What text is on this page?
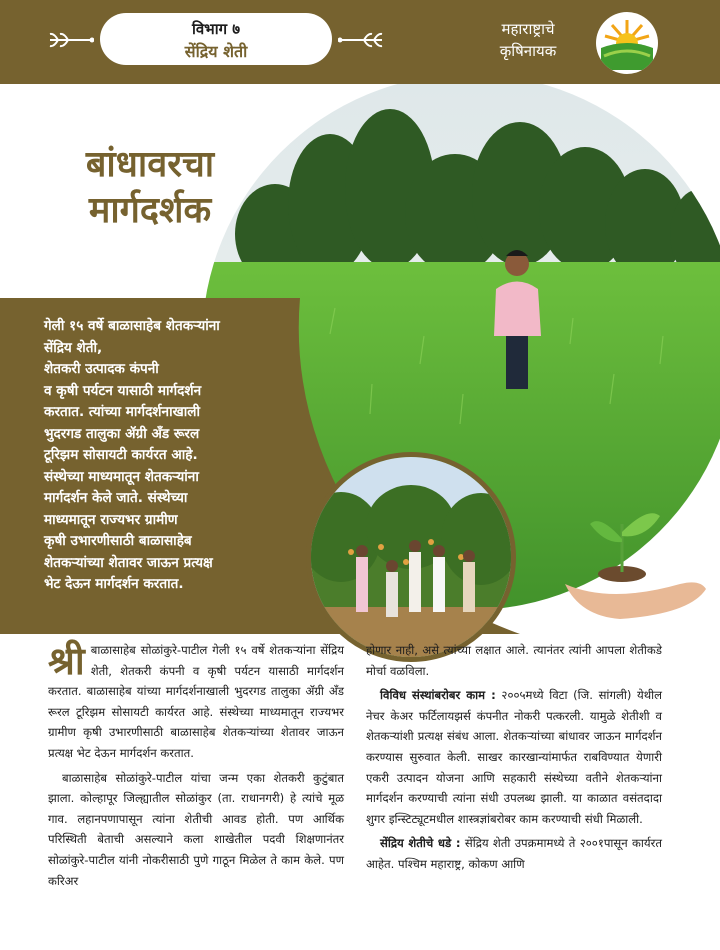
विभाग ७
सेंद्रिय शेती
महाराष्ट्राचे
कृषिनायक
बांधावरचा
मार्गदर्शक
गेली १५ वर्षे बाळासाहेब शेतकऱ्यांना
सेंद्रिय शेती,
शेतकरी उत्पादक कंपनी
व कृषी पर्यटन यासाठी मार्गदर्शन
करतात. त्यांच्या मार्गदर्शनाखाली
भुदरगड तालुका ॲग्री अँड रूरल
टूरिझम सोसायटी कार्यरत आहे.
संस्थेच्या माध्यमातून शेतकऱ्यांना
मार्गदर्शन केले जाते. संस्थेच्या
माध्यमातून राज्यभर ग्रामीण
कृषी उभारणीसाठी बाळासाहेब
शेतकऱ्यांच्या शेतावर जाऊन प्रत्यक्ष
भेट देऊन मार्गदर्शन करतात.

श्री बाळासाहेब सोळांकुरे-पाटील गेली १५ वर्षे शेतकऱ्यांना सेंद्रिय शेती, शेतकरी कंपनी व कृषी पर्यटन यासाठी मार्गदर्शन करतात. बाळासाहेब यांच्या मार्गदर्शनाखाली भुदरगड तालुका ॲग्री अँड रूरल टूरिझम सोसायटी कार्यरत आहे. संस्थेच्या माध्यमातून राज्यभर ग्रामीण कृषी उभारणीसाठी बाळासाहेब शेतकऱ्यांच्या शेतावर जाऊन प्रत्यक्ष भेट देऊन मार्गदर्शन करतात.

बाळासाहेब सोळांकुरे-पाटील यांचा जन्म एका शेतकरी कुटुंबात झाला. कोल्हापूर जिल्ह्यातील सोळांकुर (ता. राधानगरी) हे त्यांचे मूळ गाव. लहानपणापासून त्यांना शेतीची आवड होती. पण आर्थिक परिस्थिती बेताची असल्याने कला शाखेतील पदवी शिक्षणानंतर सोळांकुरे-पाटील यांनी नोकरीसाठी पुणे गाठून मिळेल ते काम केले. पण करिअर

होणार नाही, असे त्यांच्या लक्षात आले. त्यानंतर त्यांनी आपला शेतीकडे मोर्चा वळविला.

विविध संस्थांबरोबर काम : २००५मध्ये विटा (जि. सांगली) येथील नेचर केअर फर्टिलायझर्स कंपनीत नोकरी पत्करली. यामुळे शेतीशी व शेतकऱ्यांशी प्रत्यक्ष संबंध आला. शेतकऱ्यांच्या बांधावर जाऊन मार्गदर्शन करण्यास सुरुवात केली. साखर कारखान्यांमार्फत राबविण्यात येणारी एकरी उत्पादन योजना आणि सहकारी संस्थेच्या वतीने शेतकऱ्यांना मार्गदर्शन करण्याची त्यांना संधी उपलब्ध झाली. या काळात वसंतदादा शुगर इन्स्टिट्यूटमधील शास्त्रज्ञांबरोबर काम करण्याची संधी मिळाली.

सेंद्रिय शेतीचे धडे : सेंद्रिय शेती उपक्रमामध्ये ते २००१पासून कार्यरत आहेत. पश्चिम महाराष्ट्र, कोकण आणि
